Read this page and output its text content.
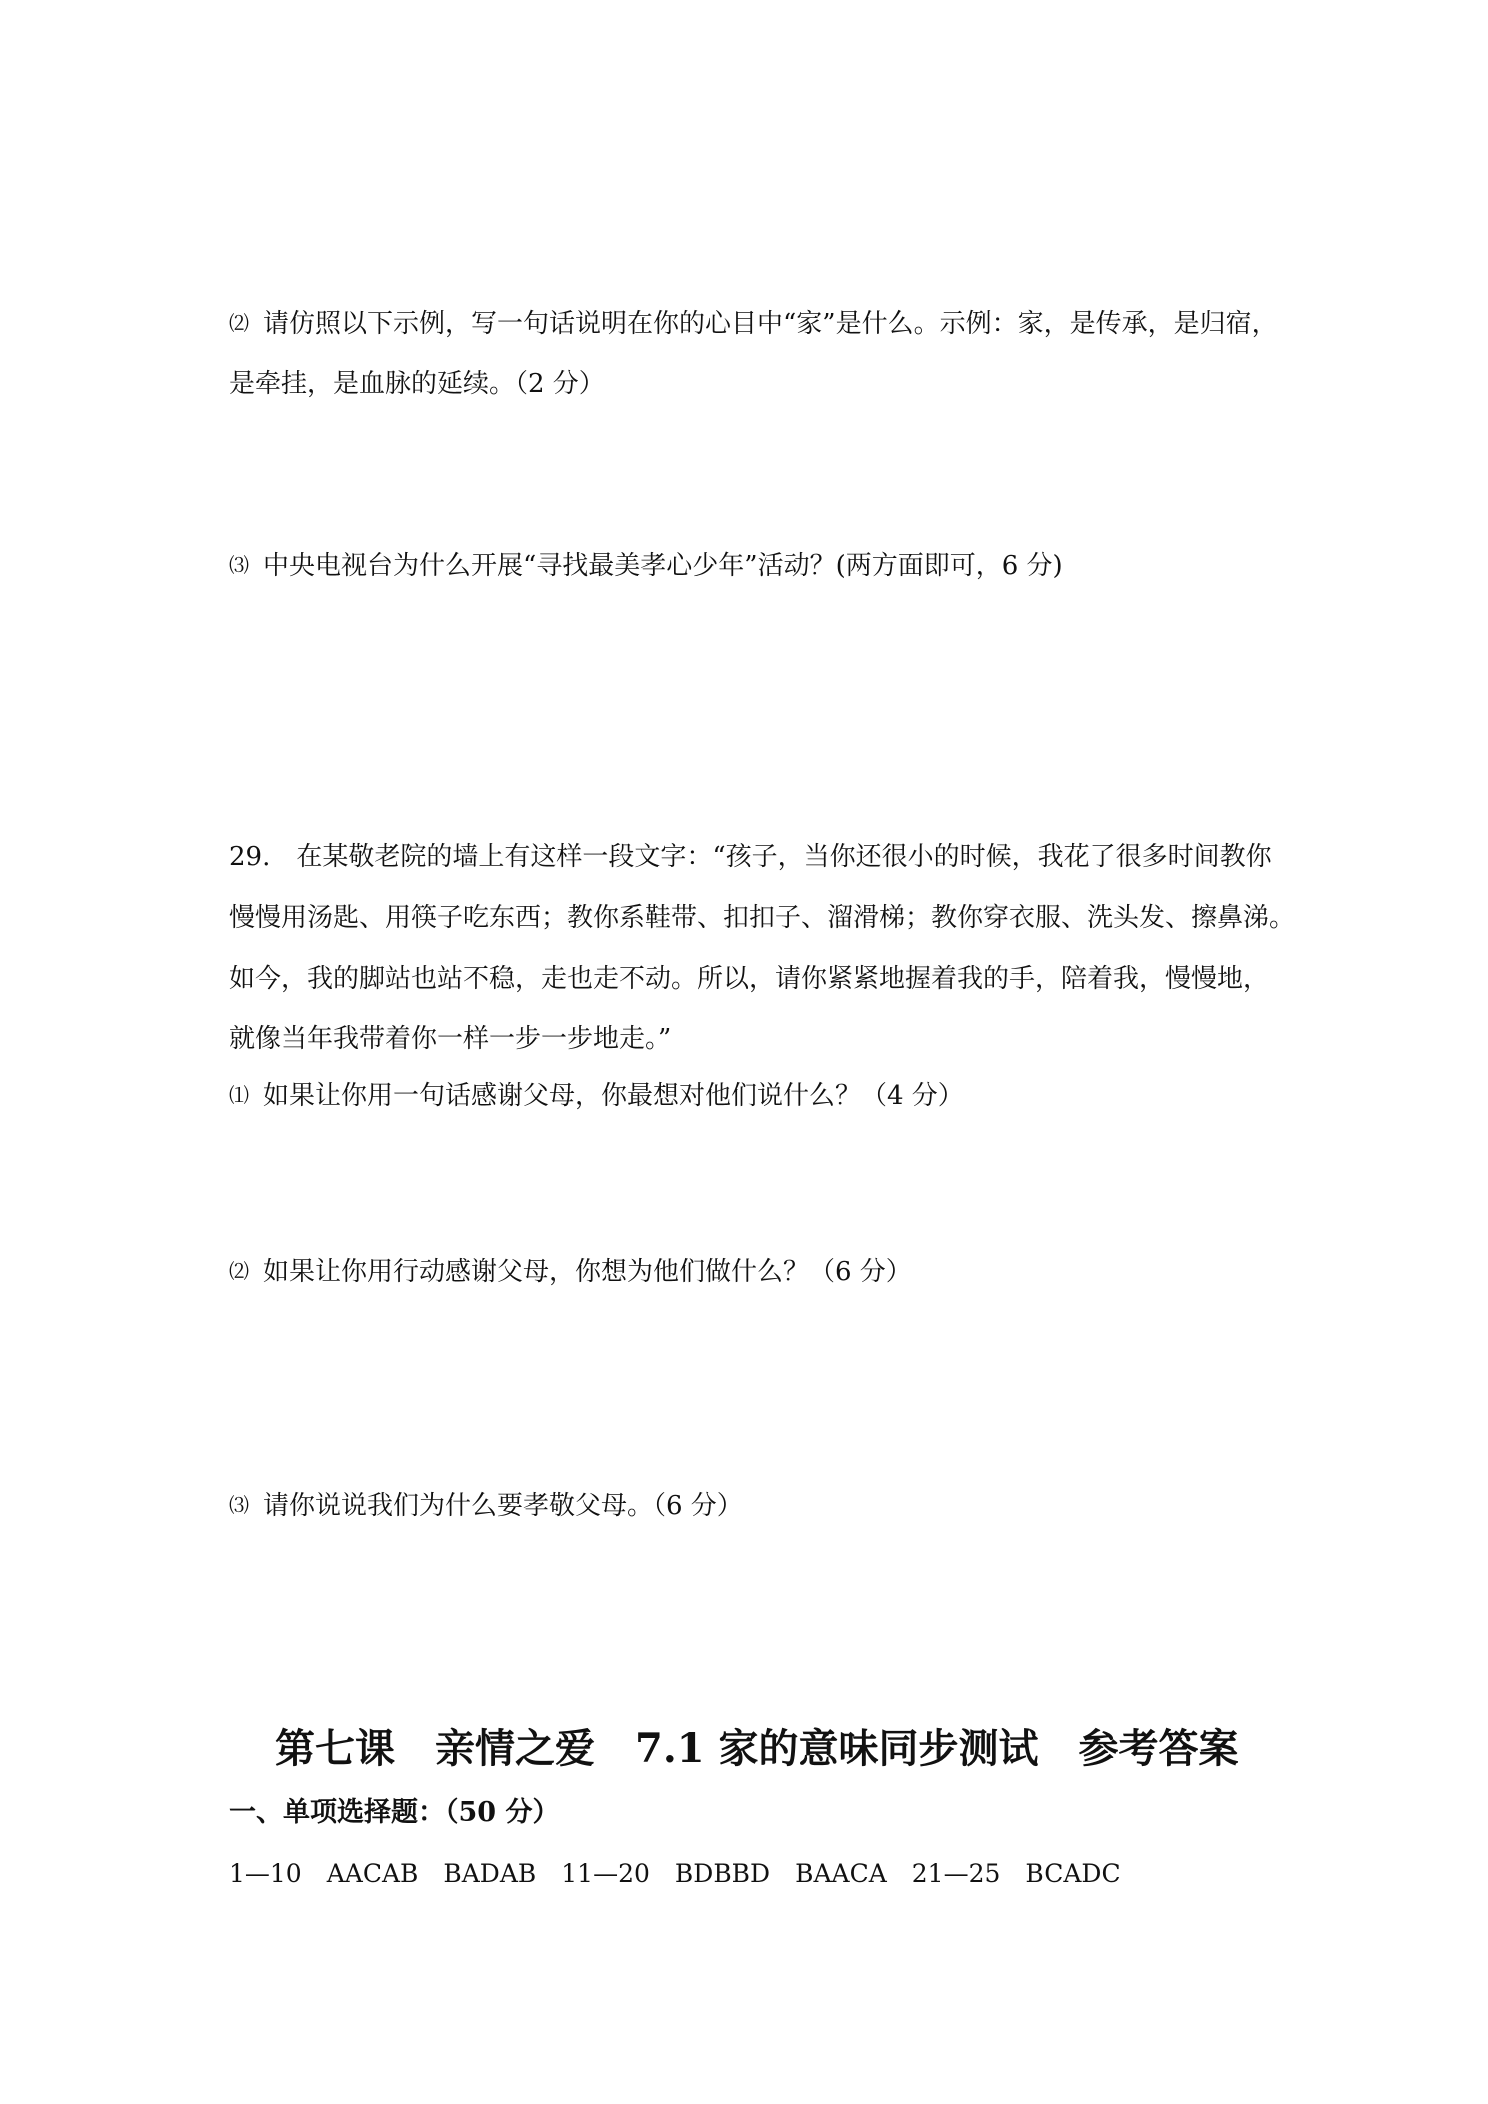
⑵ 请仿照以下示例，写一句话说明在你的心目中“家”是什么。示例：家，是传承，是归宿，
是牵挂，是血脉的延续。（2 分）
⑶ 中央电视台为什么开展“寻找最美孝心少年”活动？(两方面即可，6 分)
29.　在某敬老院的墙上有这样一段文字：“孩子，当你还很小的时候，我花了很多时间教你
慢慢用汤匙、用筷子吃东西；教你系鞋带、扣扣子、溜滑梯；教你穿衣服、洗头发、擦鼻涕。
如今，我的脚站也站不稳，走也走不动。所以，请你紧紧地握着我的手，陪着我，慢慢地，
就像当年我带着你一样一步一步地走。”
⑴ 如果让你用一句话感谢父母，你最想对他们说什么？（4 分）
⑵ 如果让你用行动感谢父母，你想为他们做什么？（6 分）
⑶ 请你说说我们为什么要孝敬父母。（6 分）
第七课　亲情之爱　7.1 家的意味同步测试　参考答案
一、单项选择题：（50 分）
1—10　AACAB　BADAB　11—20　BDBBD　BAACA　21—25　BCADC
